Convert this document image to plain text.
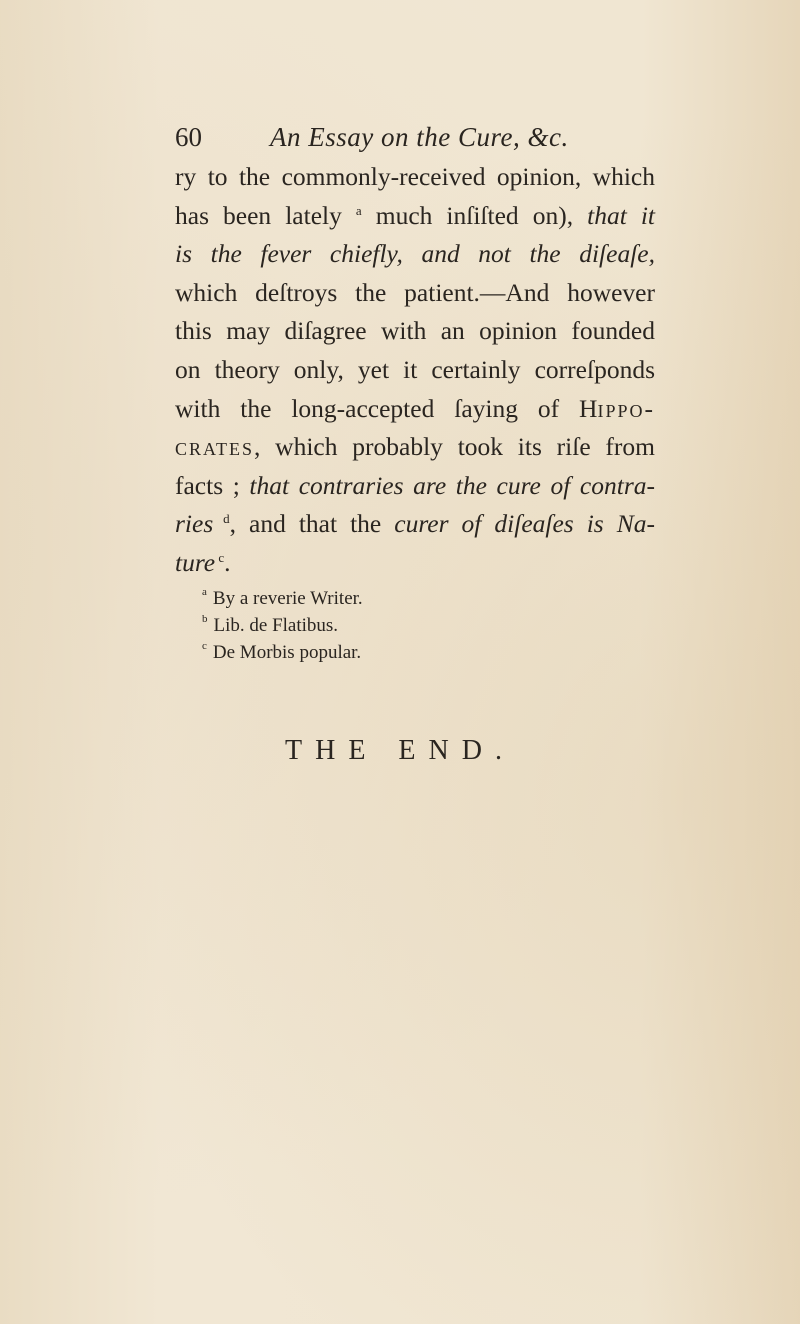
60	An Essay on the Cure, &c.
ry to the commonly-received opinion, which
has been lately $^a$ much inſiſted on), that it
is the fever chiefly, and not the diſeaſe,
which deſtroys the patient.—And however
this may diſagree with an opinion founded
on theory only, yet it certainly correſponds
with the long-accepted ſaying of Hippo-
crates, which probably took its riſe from
facts ; that contraries are the cure of contra-
ries $^d$, and that the curer of diſeaſes is Na-
ture $^c$.
$^a$ By a reverie Writer.
$^b$ Lib. de Flatibus.
$^c$ De Morbis popular.
THE END.
